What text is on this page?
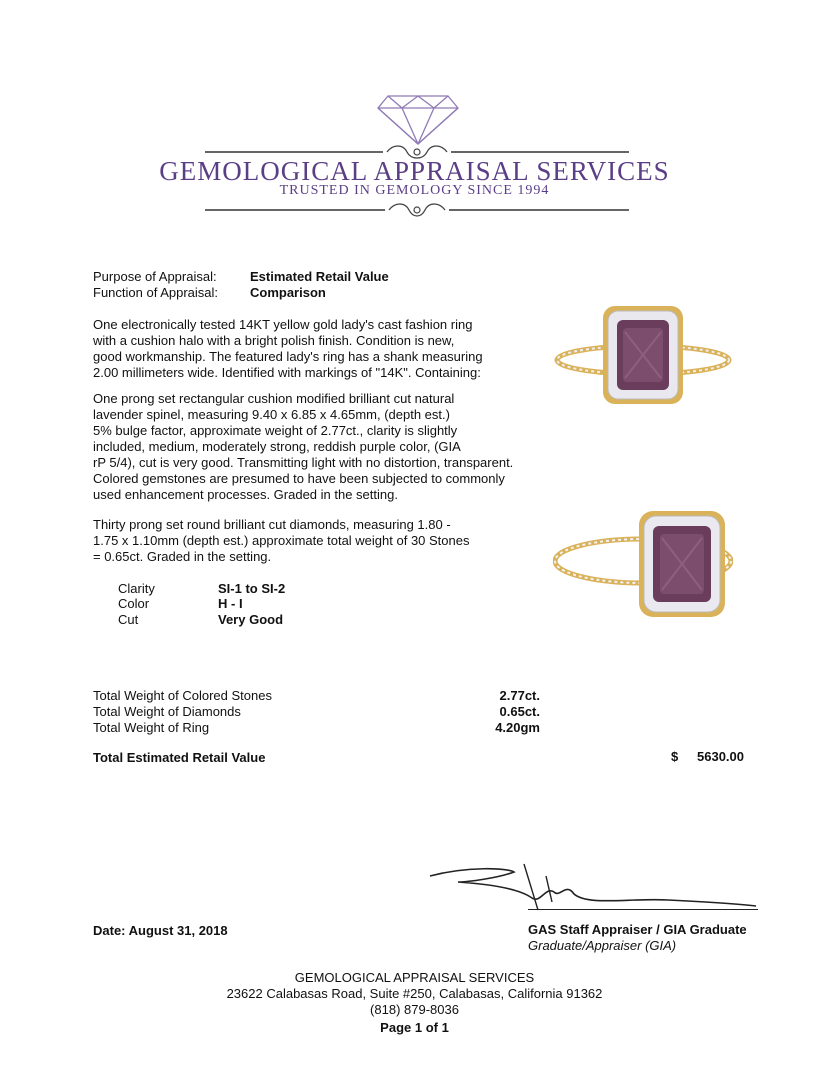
GEMOLOGICAL APPRAISAL SERVICES
TRUSTED IN GEMOLOGY SINCE 1994
Purpose of Appraisal:	Estimated Retail Value
Function of Appraisal: Comparison
One electronically tested 14KT yellow gold lady's cast fashion ring
with a cushion halo with a bright polish finish. Condition is new,
good workmanship. The featured lady's ring has a shank measuring
2.00 millimeters wide. Identified with markings of "14K". Containing:
One prong set rectangular cushion modified brilliant cut natural
lavender spinel, measuring 9.40 x 6.85 x 4.65mm, (depth est.)
5% bulge factor, approximate weight of 2.77ct., clarity is slightly
included, medium, moderately strong, reddish purple color, (GIA
rP 5/4), cut is very good. Transmitting light with no distortion, transparent.
Colored gemstones are presumed to have been subjected to commonly
used enhancement processes. Graded in the setting.
Thirty prong set round brilliant cut diamonds, measuring 1.80 -
1.75 x 1.10mm (depth est.) approximate total weight of 30 Stones
= 0.65ct. Graded in the setting.
Clarity	SI-1 to SI-2
Color	H - I
Cut	Very Good
Total Weight of Colored Stones	2.77ct.
Total Weight of Diamonds	0.65ct.
Total Weight of Ring	4.20gm
Total Estimated Retail Value	$	5630.00
Date: August 31, 2018	GAS Staff Appraiser / GIA Graduate
Graduate/Appraiser (GIA)
GEMOLOGICAL APPRAISAL SERVICES
23622 Calabasas Road, Suite #250, Calabasas, California 91362
(818) 879-8036
Page 1 of 1
